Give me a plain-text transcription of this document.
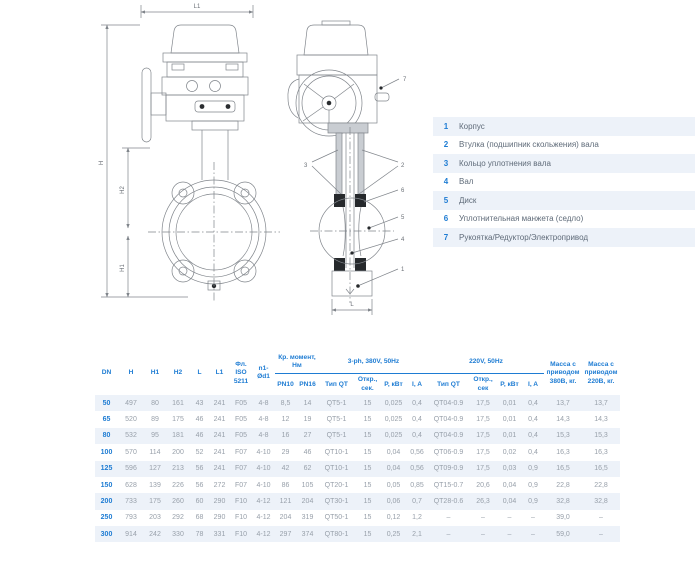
L1
H
H2
H1
7
3	2
6
5
4
1
L
1	Корпус
2	Втулка (подшипник скольжения) вала
3	Кольцо уплотнения вала
4	Вал
5	Диск
6	Уплотнительная манжета (седло)
7	Рукоятка/Редуктор/Электропривод
DN	H	H1	H2	L	L1	Фл. ISO 5211	n1-Ød1	Кр. момент, Нм		3-ph, 380V, 50Hz				220V, 50Hz				Масса с приводом 380В, кг.	Масса с приводом 220В, кг.
								PN10	PN16	Тип QT	Откр., сек.	P, кВт	I, A	Тип QT	Откр., сек	P, кВт	I, A		
50	497	80	161	43	241	F05	4-8	8,5	14	QT5-1	15	0,025	0,4	QT04-0.9	17,5	0,01	0,4	13,7	13,7
65	520	89	175	46	241	F05	4-8	12	19	QT5-1	15	0,025	0,4	QT04-0.9	17,5	0,01	0,4	14,3	14,3
80	532	95	181	46	241	F05	4-8	16	27	QT5-1	15	0,025	0,4	QT04-0.9	17,5	0,01	0,4	15,3	15,3
100	570	114	200	52	241	F07	4-10	29	46	QT10-1	15	0,04	0,56	QT06-0.9	17,5	0,02	0,4	16,3	16,3
125	596	127	213	56	241	F07	4-10	42	62	QT10-1	15	0,04	0,56	QT09-0.9	17,5	0,03	0,9	16,5	16,5
150	628	139	226	56	272	F07	4-10	86	105	QT20-1	15	0,05	0,85	QT15-0.7	20,6	0,04	0,9	22,8	22,8
200	733	175	260	60	290	F10	4-12	121	204	QT30-1	15	0,06	0,7	QT28-0.6	26,3	0,04	0,9	32,8	32,8
250	793	203	292	68	290	F10	4-12	204	319	QT50-1	15	0,12	1,2	–	–	–	–	39,0	–
300	914	242	330	78	331	F10	4-12	297	374	QT80-1	15	0,25	2,1	–	–	–	–	59,0	–
